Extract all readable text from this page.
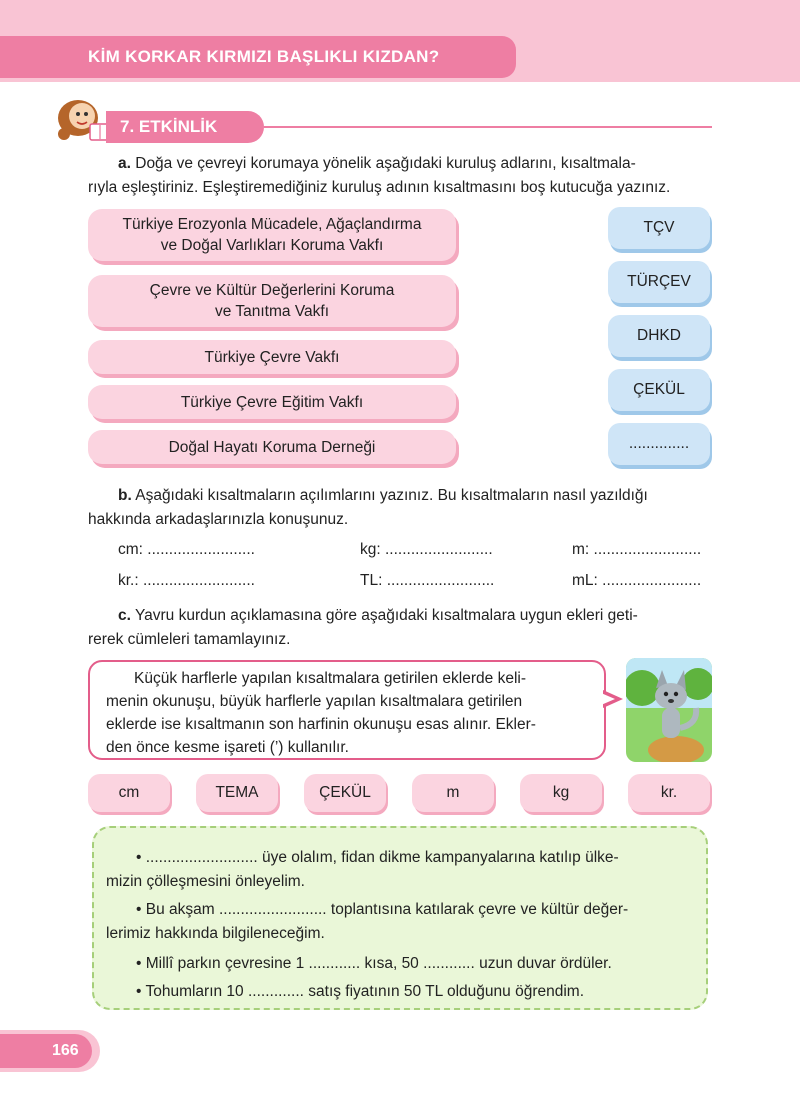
KİM KORKAR KIRMIZI BAŞLIKLI KIZDAN?
7. ETKİNLİK
a. Doğa ve çevreyi korumaya yönelik aşağıdaki kuruluş adlarını, kısaltmala-
rıyla eşleştiriniz. Eşleştiremediğiniz kuruluş adının kısaltmasını boş kutucuğa yazınız.
Türkiye Erozyonla Mücadele, Ağaçlandırma
ve Doğal Varlıkları Koruma Vakfı
Çevre ve Kültür Değerlerini Koruma
ve Tanıtma Vakfı
Türkiye Çevre Vakfı
Türkiye Çevre Eğitim Vakfı
Doğal Hayatı Koruma Derneği
TÇV
TÜRÇEV
DHKD
ÇEKÜL
..............
b. Aşağıdaki kısaltmaların açılımlarını yazınız. Bu kısaltmaların nasıl yazıldığı
hakkında arkadaşlarınızla konuşunuz.
cm: .........................	kg: .........................	m: .........................
kr.: ..........................	TL: .........................	mL: .......................
c. Yavru kurdun açıklamasına göre aşağıdaki kısaltmalara uygun ekleri geti-
rerek cümleleri tamamlayınız.
Küçük harflerle yapılan kısaltmalara getirilen eklerde keli-
menin okunuşu, büyük harflerle yapılan kısaltmalara getirilen
eklerde ise kısaltmanın son harfinin okunuşu esas alınır. Ekler-
den önce kesme işareti (’) kullanılır.
cm	TEMA	ÇEKÜL	m	kg	kr.
• .......................... üye olalım, fidan dikme kampanyalarına katılıp ülke-
mizin çölleşmesini önleyelim.
• Bu akşam ......................... toplantısına katılarak çevre ve kültür değer-
lerimiz hakkında bilgileneceğim.
• Millî parkın çevresine 1 ............ kısa, 50 ............ uzun duvar ördüler.
• Tohumların 10 ............. satış fiyatının 50 TL olduğunu öğrendim.
166
